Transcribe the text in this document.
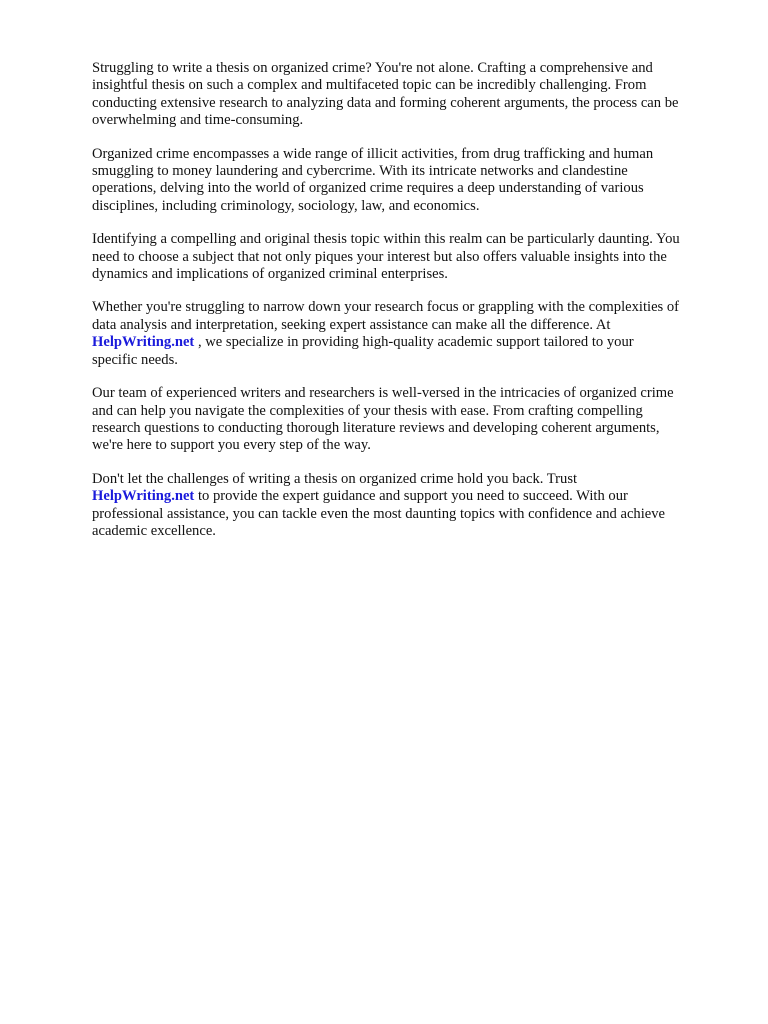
Struggling to write a thesis on organized crime? You're not alone. Crafting a comprehensive and
insightful thesis on such a complex and multifaceted topic can be incredibly challenging. From
conducting extensive research to analyzing data and forming coherent arguments, the process can be
overwhelming and time-consuming.

Organized crime encompasses a wide range of illicit activities, from drug trafficking and human
smuggling to money laundering and cybercrime. With its intricate networks and clandestine
operations, delving into the world of organized crime requires a deep understanding of various
disciplines, including criminology, sociology, law, and economics.

Identifying a compelling and original thesis topic within this realm can be particularly daunting. You
need to choose a subject that not only piques your interest but also offers valuable insights into the
dynamics and implications of organized criminal enterprises.

Whether you're struggling to narrow down your research focus or grappling with the complexities of
data analysis and interpretation, seeking expert assistance can make all the difference. At
HelpWriting.net , we specialize in providing high-quality academic support tailored to your
specific needs.

Our team of experienced writers and researchers is well-versed in the intricacies of organized crime
and can help you navigate the complexities of your thesis with ease. From crafting compelling
research questions to conducting thorough literature reviews and developing coherent arguments,
we're here to support you every step of the way.

Don't let the challenges of writing a thesis on organized crime hold you back. Trust
HelpWriting.net to provide the expert guidance and support you need to succeed. With our
professional assistance, you can tackle even the most daunting topics with confidence and achieve
academic excellence.
